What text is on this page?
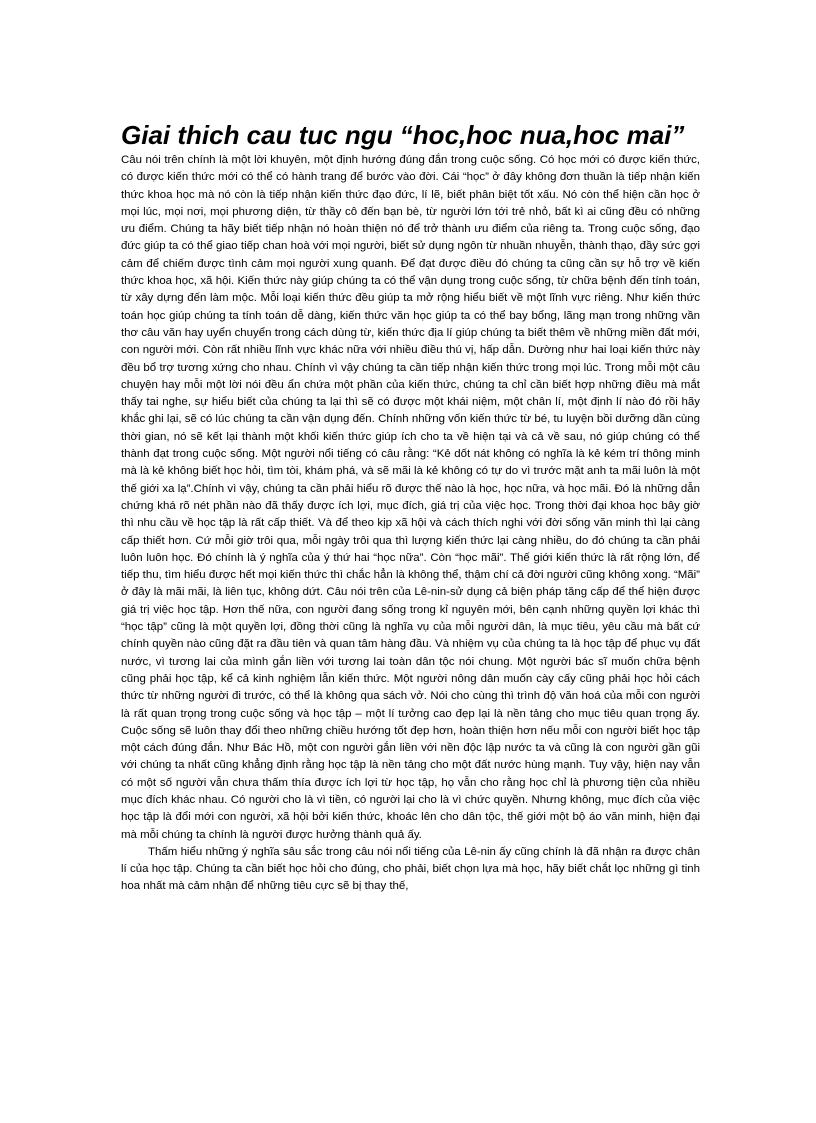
Giai thich cau tuc ngu “hoc,hoc nua,hoc mai”

Câu nói trên chính là một lời khuyên, một định hướng đúng đắn trong cuộc sống. Có học mới có được kiến thức, có được kiến thức mới có thể có hành trang để bước vào đời. Cái “học” ở đây không đơn thuần là tiếp nhận kiến thức khoa học mà nó còn là tiếp nhận kiến thức đạo đức, lí lẽ, biết phân biệt tốt xấu. Nó còn thể hiện cần học ở mọi lúc, mọi nơi, mọi phương diện, từ thầy cô đến bạn bè, từ người lớn tới trẻ nhỏ, bất kì ai cũng đều có những ưu điểm. Chúng ta hãy biết tiếp nhận nó hoàn thiện nó để trở thành ưu điểm của riêng ta. Trong cuộc sống, đạo đức giúp ta có thể giao tiếp chan hoà với mọi người, biết sử dụng ngôn từ nhuần nhuyễn, thành thạo, đầy sức gợi cảm để chiếm được tình cảm mọi người xung quanh. Để đạt được điều đó chúng ta cũng cần sự hỗ trợ về kiến thức khoa học, xã hội. Kiến thức này giúp chúng ta có thể vận dụng trong cuộc sống, từ chữa bệnh đến tính toán, từ xây dựng đến làm mộc. Mỗi loại kiến thức đều giúp ta mở rộng hiểu biết về một lĩnh vực riêng. Như kiến thức toán học giúp chúng ta tính toán dễ dàng, kiến thức văn học giúp ta có thể bay bổng, lãng mạn trong những vần thơ câu văn hay uyển chuyển trong cách dùng từ, kiến thức địa lí giúp chúng ta biết thêm về những miền đất mới, con người mới. Còn rất nhiều lĩnh vực khác nữa với nhiều điều thú vị, hấp dẫn. Dường như hai loại kiến thức này đều bổ trợ tương xứng cho nhau. Chính vì vậy chúng ta cần tiếp nhận kiến thức trong mọi lúc. Trong mỗi một câu chuyện hay mỗi một lời nói đều ẩn chứa một phần của kiến thức, chúng ta chỉ cần biết hợp những điều mà mắt thấy tai nghe, sự hiểu biết của chúng ta lại thì sẽ có được một khái niệm, một chân lí, một định lí nào đó rồi hãy khắc ghi lại, sẽ có lúc chúng ta cần vận dụng đến. Chính những vốn kiến thức từ bé, tu luyện bồi dưỡng dần cùng thời gian, nó sẽ kết lại thành một khối kiến thức giúp ích cho ta về hiện tại và cả về sau, nó giúp chúng có thể thành đạt trong cuộc sống. Một người nổi tiếng có câu rằng: “Kẻ dốt nát không có nghĩa là kẻ kém trí thông minh mà là kẻ không biết học hỏi, tìm tòi, khám phá, và sẽ mãi là kẻ không có tự do vì trước mặt anh ta mãi luôn là một thế giới xa lạ”.Chính vì vậy, chúng ta cần phải hiểu rõ được thế nào là học, học nữa, và học mãi. Đó là những dẫn chứng khá rõ nét phần nào đã thấy được ích lợi, mục đích, giá trị của việc học. Trong thời đại khoa học bây giờ thì nhu cầu về học tập là rất cấp thiết. Và để theo kịp xã hội và cách thích nghi với đời sống văn minh thì lại càng cấp thiết hơn. Cứ mỗi giờ trôi qua, mỗi ngày trôi qua thì lượng kiến thức lại càng nhiều, do đó chúng ta cần phải luôn luôn học. Đó chính là ý nghĩa của ý thứ hai “học nữa”. Còn “học mãi”. Thế giới kiến thức là rất rộng lớn, để tiếp thu, tìm hiểu được hết mọi kiến thức thì chắc hẳn là không thể, thậm chí cả đời người cũng không xong. “Mãi” ở đây là mãi mãi, là liên tục, không dứt. Câu nói trên của Lê-nin-sử dụng cả biện pháp tăng cấp để thể hiện được giá trị việc học tập. Hơn thế nữa, con người đang sống trong kỉ nguyên mới, bên cạnh những quyền lợi khác thì “học tập” cũng là một quyền lợi, đồng thời cũng là nghĩa vụ của mỗi người dân, là mục tiêu, yêu cầu mà bất cứ chính quyền nào cũng đặt ra đầu tiên và quan tâm hàng đầu. Và nhiệm vụ của chúng ta là học tập để phục vụ đất nước, vì tương lai của mình gắn liền với tương lai toàn dân tộc nói chung. Một người bác sĩ muốn chữa bệnh cũng phải học tập, kể cả kinh nghiệm lẫn kiến thức. Một người nông dân muốn cày cấy cũng phải học hỏi cách thức từ những người đi trước, có thể là không qua sách vở. Nói cho cùng thì trình độ văn hoá của mỗi con người là rất quan trọng trong cuộc sống và học tập – một lí tưởng cao đẹp lại là nền tảng cho mục tiêu quan trọng ấy. Cuộc sống sẽ luôn thay đổi theo những chiều hướng tốt đẹp hơn, hoàn thiện hơn nếu mỗi con người biết học tập một cách đúng đắn. Như Bác Hồ, một con người gắn liền với nền độc lập nước ta và cũng là con người gần gũi với chúng ta nhất cũng khẳng định rằng học tập là nền tảng cho một đất nước hùng mạnh. Tuy vậy, hiện nay vẫn có một số người vẫn chưa thấm thía được ích lợi từ học tập, họ vẫn cho rằng học chỉ là phương tiện của nhiều mục đích khác nhau. Có người cho là vì tiền, có người lại cho là vì chức quyền. Nhưng không, mục đích của việc học tập là đổi mới con người, xã hội bởi kiến thức, khoác lên cho dân tộc, thế giới một bộ áo văn minh, hiện đại mà mỗi chúng ta chính là người được hưởng thành quả ấy.

Thấm hiểu những ý nghĩa sâu sắc trong câu nói nổi tiếng của Lê-nin ấy cũng chính là đã nhận ra được chân lí của học tập. Chúng ta cần biết học hỏi cho đúng, cho phải, biết chọn lựa mà học, hãy biết chắt lọc những gì tinh hoa nhất mà cảm nhận để những tiêu cực sẽ bị thay thế,
